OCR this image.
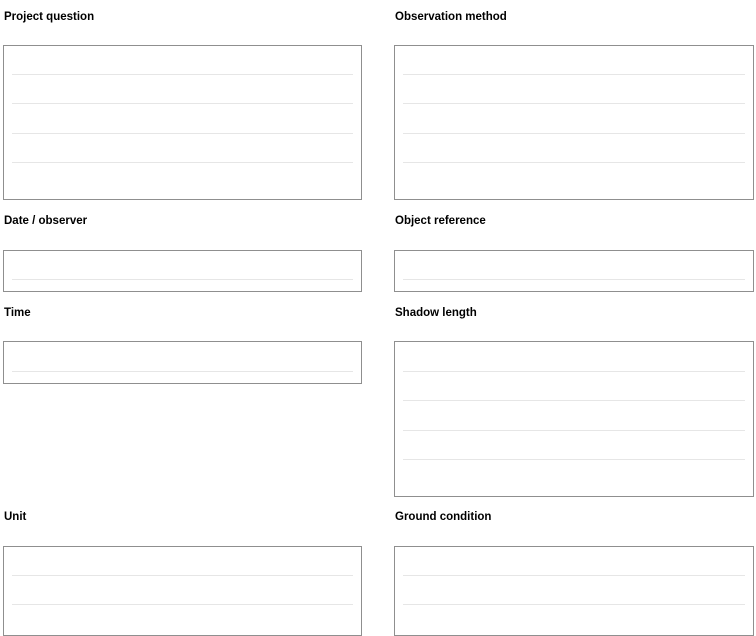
Project question	Observation method
Date / observer	Object reference
Time	Shadow length
Unit	Ground condition
